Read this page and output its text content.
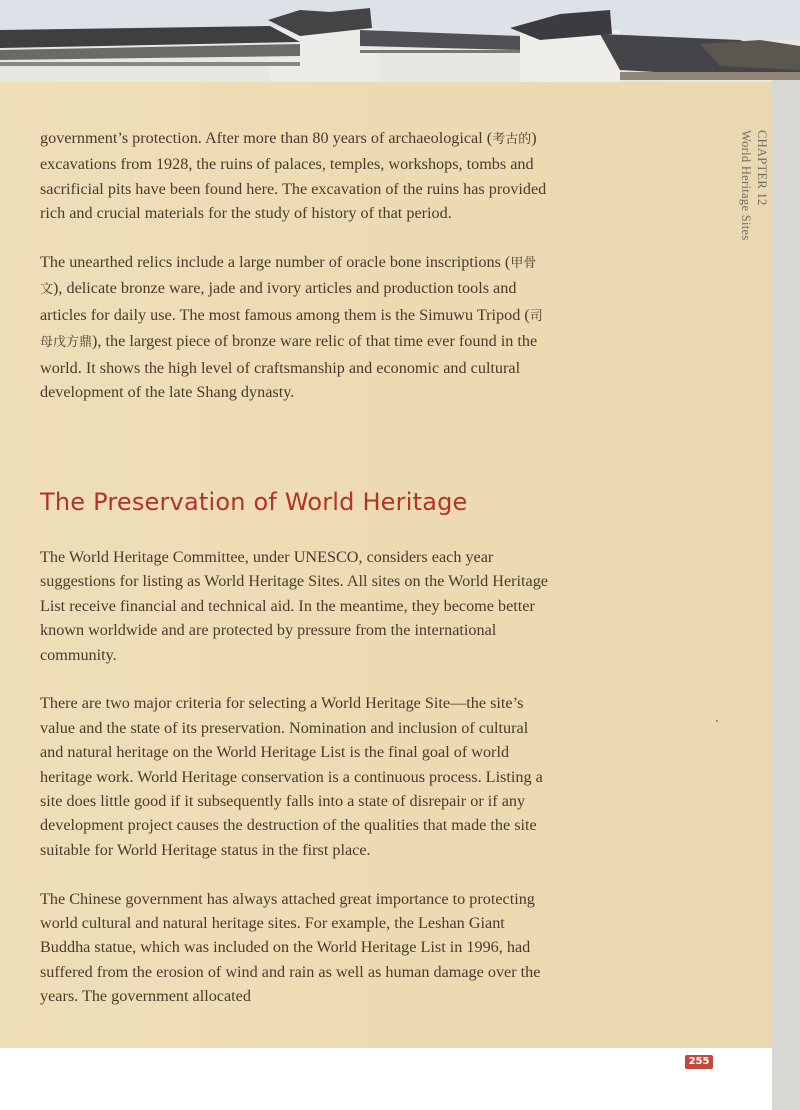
CHAPTER 12
World Heritage Sites

government’s protection. After more than 80 years of archaeological (考古的) excavations from 1928, the ruins of palaces, temples, workshops, tombs and sacrificial pits have been found here. The excavation of the ruins has provided rich and crucial materials for the study of history of that period.

The unearthed relics include a large number of oracle bone inscriptions (甲骨文), delicate bronze ware, jade and ivory articles and production tools and articles for daily use. The most famous among them is the Simuwu Tripod (司母戊方鼎), the largest piece of bronze ware relic of that time ever found in the world. It shows the high level of craftsmanship and economic and cultural development of the late Shang dynasty.

The Preservation of World Heritage

The World Heritage Committee, under UNESCO, considers each year suggestions for listing as World Heritage Sites. All sites on the World Heritage List receive financial and technical aid. In the meantime, they become better known worldwide and are protected by pressure from the international community.

There are two major criteria for selecting a World Heritage Site—the site’s value and the state of its preservation. Nomination and inclusion of cultural and natural heritage on the World Heritage List is the final goal of world heritage work. World Heritage conservation is a continuous process. Listing a site does little good if it subsequently falls into a state of disrepair or if any development project causes the destruction of the qualities that made the site suitable for World Heritage status in the first place.

The Chinese government has always attached great importance to protecting world cultural and natural heritage sites. For example, the Leshan Giant Buddha statue, which was included on the World Heritage List in 1996, had suffered from the erosion of wind and rain as well as human damage over the years. The government allocated

255
